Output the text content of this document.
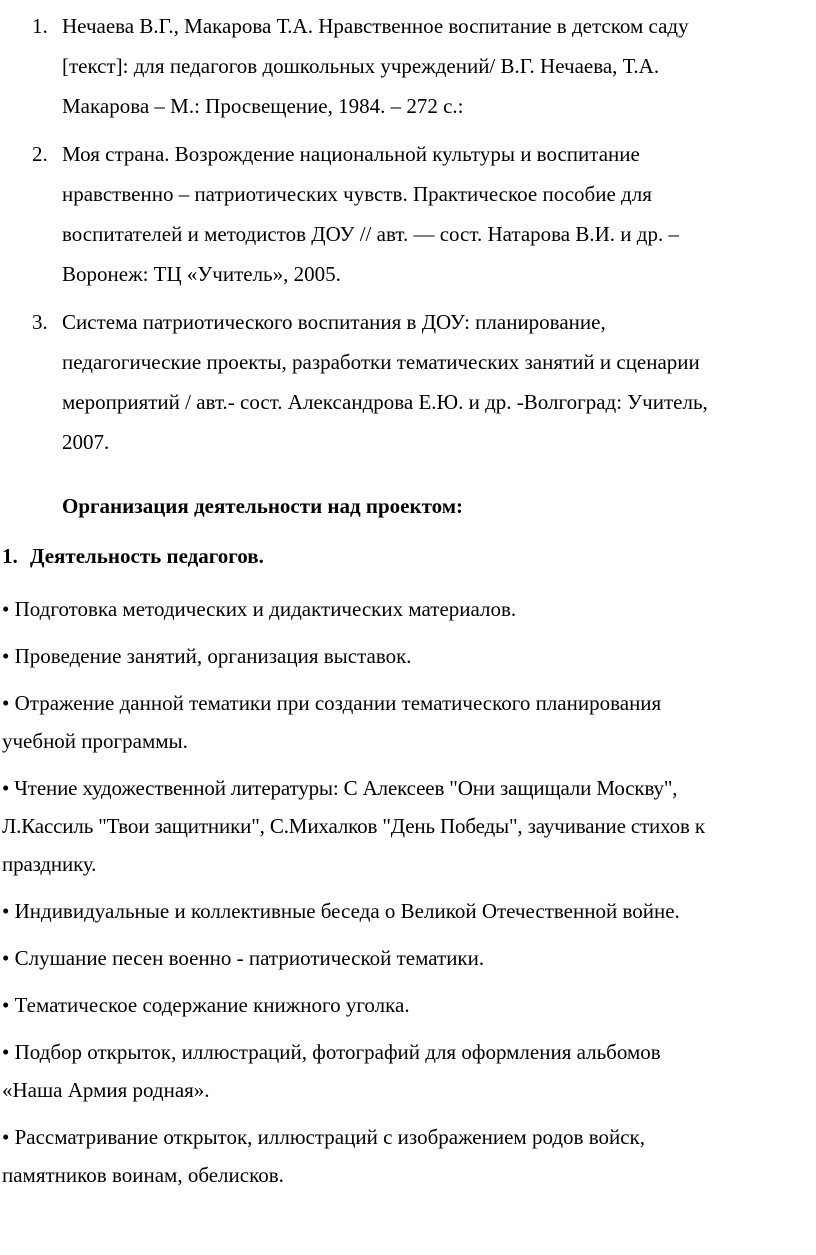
1. Нечаева В.Г., Макарова Т.А. Нравственное воспитание в детском саду
[текст]: для педагогов дошкольных учреждений/ В.Г. Нечаева, Т.А.
Макарова – М.: Просвещение, 1984. – 272 с.:
2. Моя страна. Возрождение национальной культуры и воспитание
нравственно – патриотических чувств. Практическое пособие для
воспитателей и методистов ДОУ // авт. — сост. Натарова В.И. и др. –
Воронеж: ТЦ «Учитель», 2005.
3. Система патриотического воспитания в ДОУ: планирование,
педагогические проекты, разработки тематических занятий и сценарии
мероприятий / авт.- сост. Александрова Е.Ю. и др. -Волгоград: Учитель,
2007.
Организация деятельности над проектом:
1. Деятельность педагогов.
• Подготовка методических и дидактических материалов.
• Проведение занятий, организация выставок.
• Отражение данной тематики при создании тематического планирования
учебной программы.
• Чтение художественной литературы: С Алексеев "Они защищали Москву",
Л.Кассиль "Твои защитники", С.Михалков "День Победы", заучивание стихов к
празднику.
• Индивидуальные и коллективные беседа о Великой Отечественной войне.
• Слушание песен военно - патриотической тематики.
• Тематическое содержание книжного уголка.
• Подбор открыток, иллюстраций, фотографий для оформления альбомов
«Наша Армия родная».
• Рассматривание открыток, иллюстраций с изображением родов войск,
памятников воинам, обелисков.
